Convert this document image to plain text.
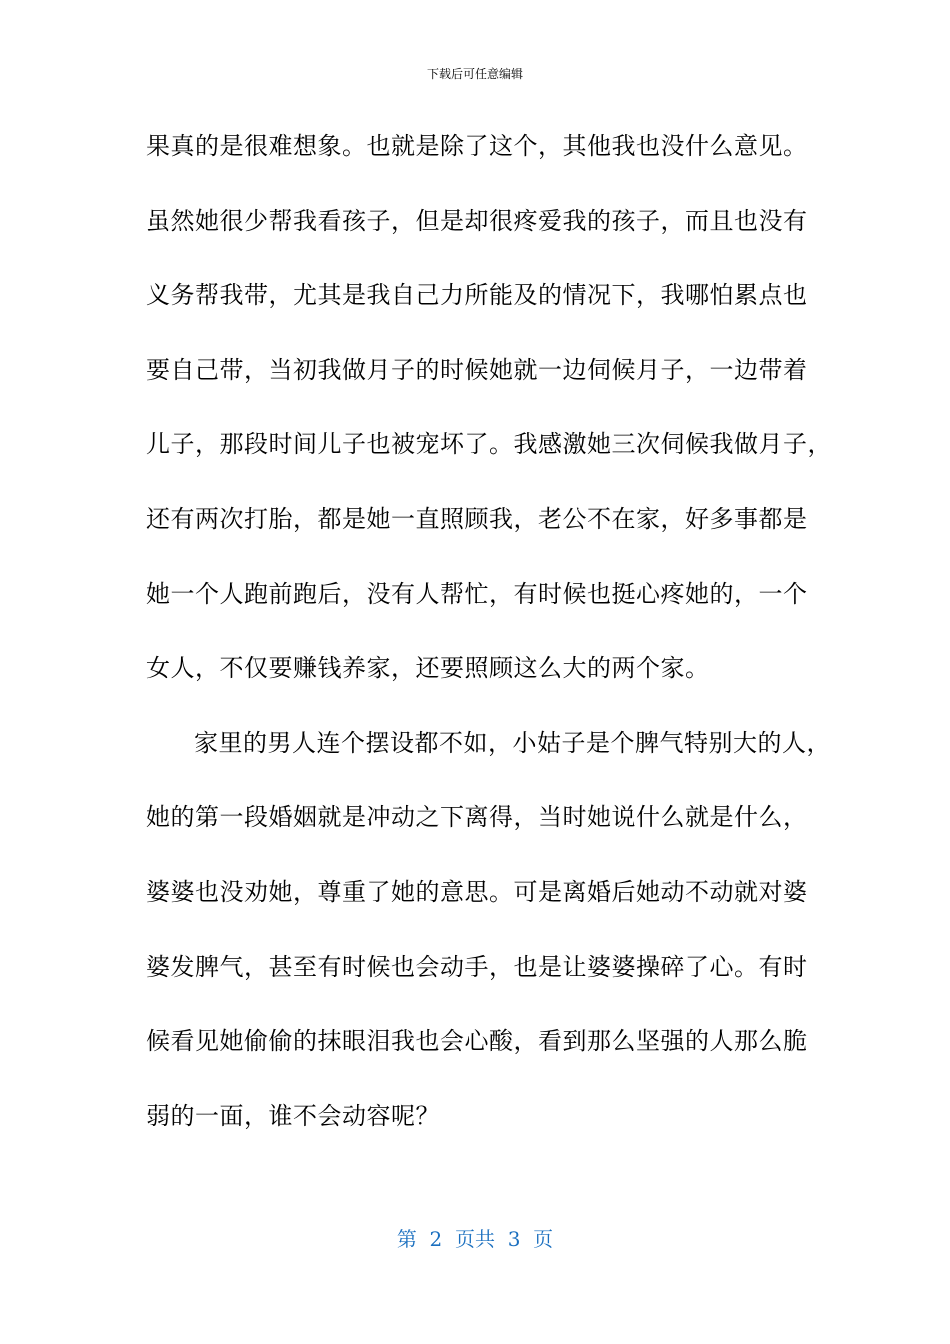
下载后可任意编辑
果真的是很难想象。也就是除了这个，其他我也没什么意见。
虽然她很少帮我看孩子，但是却很疼爱我的孩子，而且也没有
义务帮我带，尤其是我自己力所能及的情况下，我哪怕累点也
要自己带，当初我做月子的时候她就一边伺候月子，一边带着
儿子，那段时间儿子也被宠坏了。我感激她三次伺候我做月子，
还有两次打胎，都是她一直照顾我，老公不在家，好多事都是
她一个人跑前跑后，没有人帮忙，有时候也挺心疼她的，一个
女人，不仅要赚钱养家，还要照顾这么大的两个家。
家里的男人连个摆设都不如，小姑子是个脾气特别大的人，
她的第一段婚姻就是冲动之下离得，当时她说什么就是什么，
婆婆也没劝她，尊重了她的意思。可是离婚后她动不动就对婆
婆发脾气，甚至有时候也会动手，也是让婆婆操碎了心。有时
候看见她偷偷的抹眼泪我也会心酸，看到那么坚强的人那么脆
弱的一面，谁不会动容呢？
第  2  页共  3  页
